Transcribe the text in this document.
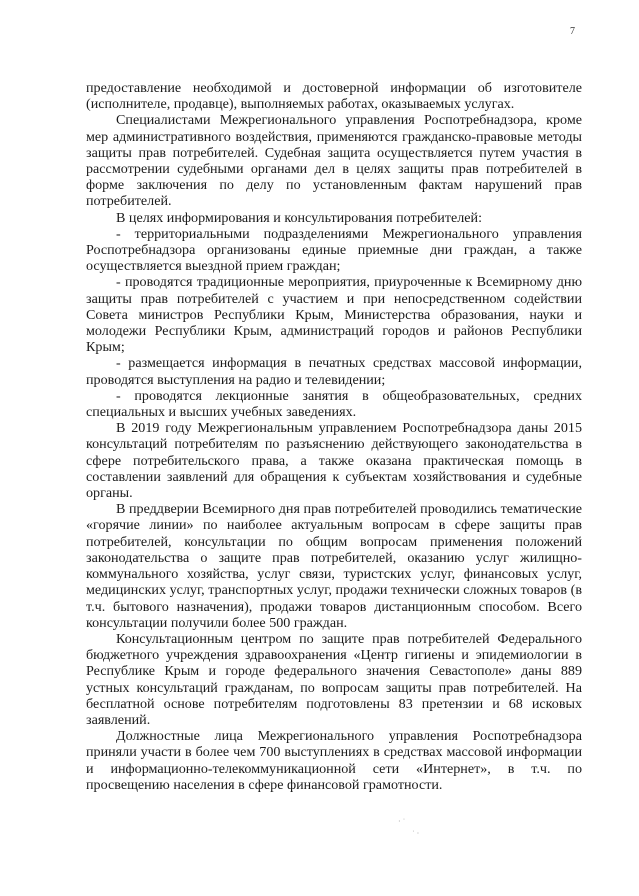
7

предоставление необходимой и достоверной информации об изготовителе (исполнителе, продавце), выполняемых работах, оказываемых услугах.

Специалистами Межрегионального управления Роспотребнадзора, кроме мер административного воздействия, применяются гражданско-правовые методы защиты прав потребителей. Судебная защита осуществляется путем участия в рассмотрении судебными органами дел в целях защиты прав потребителей в форме заключения по делу по установленным фактам нарушений прав потребителей.

В целях информирования и консультирования потребителей:

- территориальными подразделениями Межрегионального управления Роспотребнадзора организованы единые приемные дни граждан, а также осуществляется выездной прием граждан;

- проводятся традиционные мероприятия, приуроченные к Всемирному дню защиты прав потребителей с участием и при непосредственном содействии Совета министров Республики Крым, Министерства образования, науки и молодежи Республики Крым, администраций городов и районов Республики Крым;

- размещается информация в печатных средствах массовой информации, проводятся выступления на радио и телевидении;

- проводятся лекционные занятия в общеобразовательных, средних специальных и высших учебных заведениях.

В 2019 году Межрегиональным управлением Роспотребнадзора даны 2015 консультаций потребителям по разъяснению действующего законодательства в сфере потребительского права, а также оказана практическая помощь в составлении заявлений для обращения к субъектам хозяйствования и судебные органы.

В преддверии Всемирного дня прав потребителей проводились тематические «горячие линии» по наиболее актуальным вопросам в сфере защиты прав потребителей, консультации по общим вопросам применения положений законодательства о защите прав потребителей, оказанию услуг жилищно-коммунального хозяйства, услуг связи, туристских услуг, финансовых услуг, медицинских услуг, транспортных услуг, продажи технически сложных товаров (в т.ч. бытового назначения), продажи товаров дистанционным способом. Всего консультации получили более 500 граждан.

Консультационным центром по защите прав потребителей Федерального бюджетного учреждения здравоохранения «Центр гигиены и эпидемиологии в Республике Крым и городе федерального значения Севастополе» даны 889 устных консультаций гражданам, по вопросам защиты прав потребителей. На бесплатной основе потребителям подготовлены 83 претензии и 68 исковых заявлений.

Должностные лица Межрегионального управления Роспотребнадзора приняли участи в более чем 700 выступлениях в средствах массовой информации и информационно-телекоммуникационной сети «Интернет», в т.ч. по просвещению населения в сфере финансовой грамотности.

· ˙
˙ ·
